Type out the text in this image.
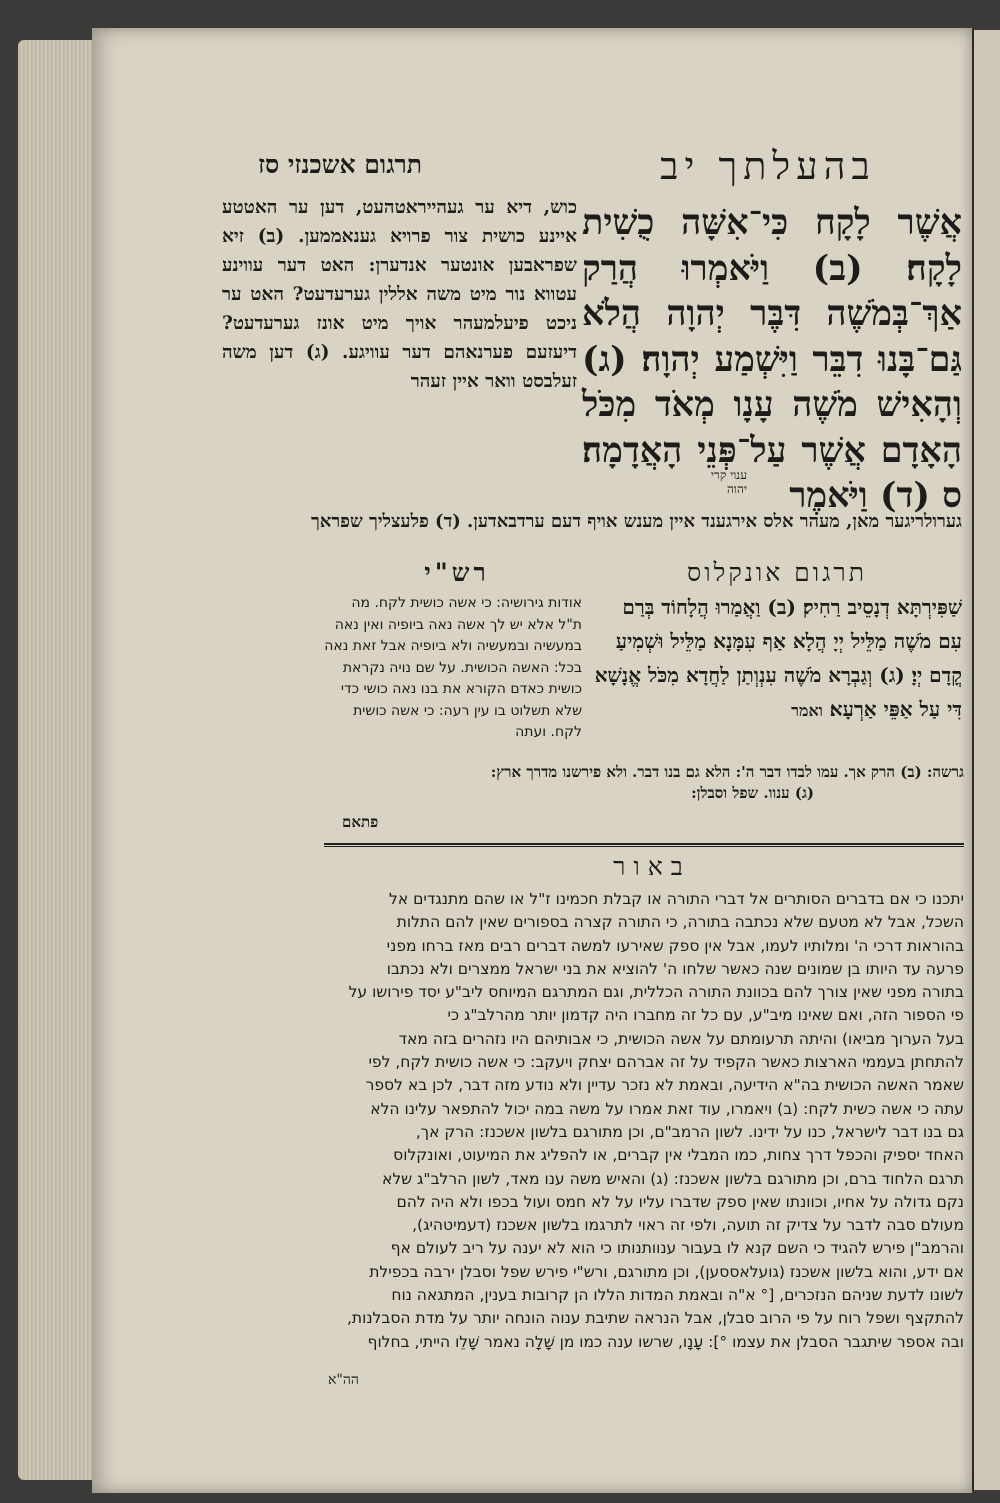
בהעלתך יב
תרגום אשכנזי סז
אֲשֶׁר לָקָח כִּי־אִשָּׁה כֻשִׁית לָקָח׃ (ב) וַיֹּאמְרוּ הֲרַק אַךְ־בְּמֹשֶׁה דִּבֶּר יְהוָה הֲלֹא גַּם־בָּנוּ דִבֵּר וַיִּשְׁמַע יְהוָה׃ (ג) וְהָאִישׁ מֹשֶׁה עָנָו מְאֹד מִכֹּל הָאָדָם אֲשֶׁר עַל־פְּנֵי הָאֲדָמָה׃ ס (ד) וַיֹּאמֶר
כוש, דיא ער געהייראטהעט, דען ער האטטע איינע כושית צור פרויא גענאממען. (ב) זיא שפראבען אונטער אנדערן: האט דער עווינע עטווא נור מיט משה אללין גערעדעט? האט ער ניכט פיעלמעהר אויך מיט אונז גערעדעט? דיעזעם פערנאהם דער עוויגע. (ג) דען משה זעלבסט וואר איין זעהר
ענוי קרי
יהוה
גערולריגער מאן, מעהר אלס אירגענד איין מענש אויף דעם ערדבאדען. (ד) פלעצליך שפראך
תרגום אונקלוס
רש"י
שַׁפִּירְתָּא דְנָסֵיב רַחִיק׃ (ב) וַאֲמַרוּ הֲלָחוֹד בְּרַם עִם מֹשֶׁה מַלֵּיל יְיָ הֲלָא אַף עִמָּנָא מַלֵּיל וּשְׁמִיעַ קֳדָם יְיָ׃ (ג) וְגַבְרָא מֹשֶׁה עִנְוְתַן לַחֲדָא מִכֹּל אֱנָשָׁא דִּי עַל אַפֵּי אַרְעָא׃ ואמר
אודות גירושיה: כי אשה כושית לקח. מה ת"ל אלא יש לך אשה נאה ביופיה ואין נאה במעשיה ובמעשיה ולא ביופיה אבל זאת נאה בכל: האשה הכושית. על שם נויה נקראת כושית כאדם הקורא את בנו נאה כושי כדי שלא תשלוט בו עין רעה: כי אשה כושית לקח. ועתה
גרשה: (ב) הרק אך. עמו לבדו דבר ה': הלא גם בנו דבר. ולא פירשנו מדרך ארץ:
(ג) ענוו. שפל וסבלן:
פתאם
באור
יתכנו כי אם בדברים הסותרים אל דברי התורה או קבלת חכמינו ז"ל או שהם מתנגדים אל
השכל, אבל לא מטעם שלא נכתבה בתורה, כי התורה קצרה בספורים שאין להם התלות
בהוראות דרכי ה' ומלותיו לעמו, אבל אין ספק שאירעו למשה דברים רבים מאז ברחו מפני
פרעה עד היותו בן שמונים שנה כאשר שלחו ה' להוציא את בני ישראל ממצרים ולא נכתבו
בתורה מפני שאין צורך להם בכוונת התורה הכללית, וגם המתרגם המיוחס ליב"ע יסד פירושו על
פי הספור הזה, ואם שאינו מיב"ע, עם כל זה מחברו היה קדמון יותר מהרלב"ג כי
בעל הערוך מביאו) והיתה תרעומתם על אשה הכושית, כי אבותיהם היו נזהרים בזה מאד
להתחתן בעממי הארצות כאשר הקפיד על זה אברהם יצחק ויעקב: כי אשה כושית לקח, לפי
שאמר האשה הכושית בה"א הידיעה, ובאמת לא נזכר עדיין ולא נודע מזה דבר, לכן בא לספר
עתה כי אשה כשית לקח: (ב) ויאמרו, עוד זאת אמרו על משה במה יכול להתפאר עלינו הלא
גם בנו דבר לישראל, כנו על ידינו. לשון הרמב"ם, וכן מתורגם בלשון אשכנז: הרק אך,
האחד יספיק והכפל דרך צחות, כמו המבלי אין קברים, או להפליג את המיעוט, ואונקלוס
תרגם הלחוד ברם, וכן מתורגם בלשון אשכנז: (ג) והאיש משה ענו מאד, לשון הרלב"ג שלא
נקם גדולה על אחיו, וכוונתו שאין ספק שדברו עליו על לא חמס ועול בכפו ולא היה להם
מעולם סבה לדבר על צדיק זה תועה, ולפי זה ראוי לתרגמו בלשון אשכנז (דעמיטהיג),
והרמב"ן פירש להגיד כי השם קנא לו בעבור ענוותנותו כי הוא לא יענה על ריב לעולם אף
אם ידע, והוא בלשון אשכנז (גועלאססען), וכן מתורגם, ורש"י פירש שפל וסבלן ירבה בכפילת
לשונו לדעת שניהם הנזכרים, [° א"ה ובאמת המדות הללו הן קרובות בענין, המתגאה נוח
להתקצף ושפל רוח על פי הרוב סבלן, אבל הנראה שתיבת ענוה הונחה יותר על מדת הסבלנות,
ובה אספר שיתגבר הסבלן את עצמו °]: עָנָו, שרשו ענה כמו מן שָׁלָה נאמר שָׁלֵו הייתי, בחלוף
הה"א
